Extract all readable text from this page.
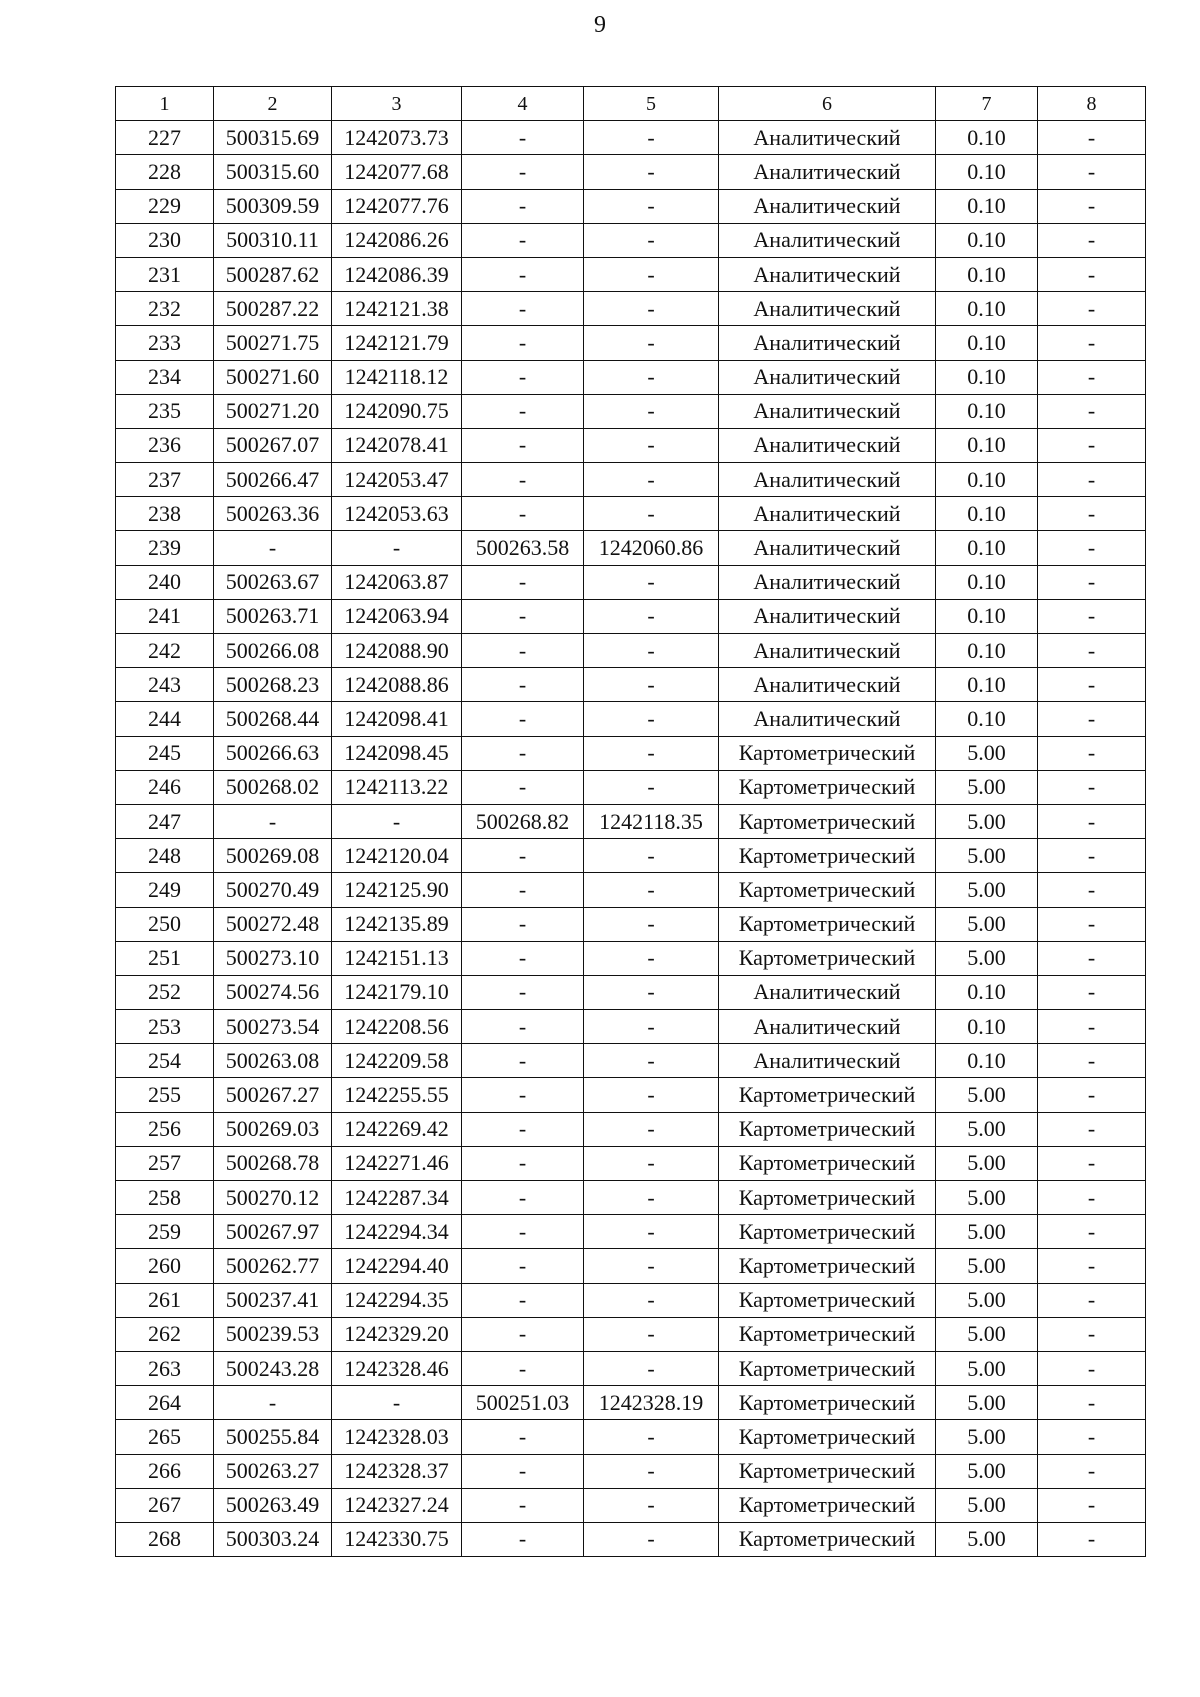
9
1	2	3	4	5	6	7	8
227	500315.69	1242073.73	-	-	Аналитический	0.10	-
228	500315.60	1242077.68	-	-	Аналитический	0.10	-
229	500309.59	1242077.76	-	-	Аналитический	0.10	-
230	500310.11	1242086.26	-	-	Аналитический	0.10	-
231	500287.62	1242086.39	-	-	Аналитический	0.10	-
232	500287.22	1242121.38	-	-	Аналитический	0.10	-
233	500271.75	1242121.79	-	-	Аналитический	0.10	-
234	500271.60	1242118.12	-	-	Аналитический	0.10	-
235	500271.20	1242090.75	-	-	Аналитический	0.10	-
236	500267.07	1242078.41	-	-	Аналитический	0.10	-
237	500266.47	1242053.47	-	-	Аналитический	0.10	-
238	500263.36	1242053.63	-	-	Аналитический	0.10	-
239	-	-	500263.58	1242060.86	Аналитический	0.10	-
240	500263.67	1242063.87	-	-	Аналитический	0.10	-
241	500263.71	1242063.94	-	-	Аналитический	0.10	-
242	500266.08	1242088.90	-	-	Аналитический	0.10	-
243	500268.23	1242088.86	-	-	Аналитический	0.10	-
244	500268.44	1242098.41	-	-	Аналитический	0.10	-
245	500266.63	1242098.45	-	-	Картометрический	5.00	-
246	500268.02	1242113.22	-	-	Картометрический	5.00	-
247	-	-	500268.82	1242118.35	Картометрический	5.00	-
248	500269.08	1242120.04	-	-	Картометрический	5.00	-
249	500270.49	1242125.90	-	-	Картометрический	5.00	-
250	500272.48	1242135.89	-	-	Картометрический	5.00	-
251	500273.10	1242151.13	-	-	Картометрический	5.00	-
252	500274.56	1242179.10	-	-	Аналитический	0.10	-
253	500273.54	1242208.56	-	-	Аналитический	0.10	-
254	500263.08	1242209.58	-	-	Аналитический	0.10	-
255	500267.27	1242255.55	-	-	Картометрический	5.00	-
256	500269.03	1242269.42	-	-	Картометрический	5.00	-
257	500268.78	1242271.46	-	-	Картометрический	5.00	-
258	500270.12	1242287.34	-	-	Картометрический	5.00	-
259	500267.97	1242294.34	-	-	Картометрический	5.00	-
260	500262.77	1242294.40	-	-	Картометрический	5.00	-
261	500237.41	1242294.35	-	-	Картометрический	5.00	-
262	500239.53	1242329.20	-	-	Картометрический	5.00	-
263	500243.28	1242328.46	-	-	Картометрический	5.00	-
264	-	-	500251.03	1242328.19	Картометрический	5.00	-
265	500255.84	1242328.03	-	-	Картометрический	5.00	-
266	500263.27	1242328.37	-	-	Картометрический	5.00	-
267	500263.49	1242327.24	-	-	Картометрический	5.00	-
268	500303.24	1242330.75	-	-	Картометрический	5.00	-
